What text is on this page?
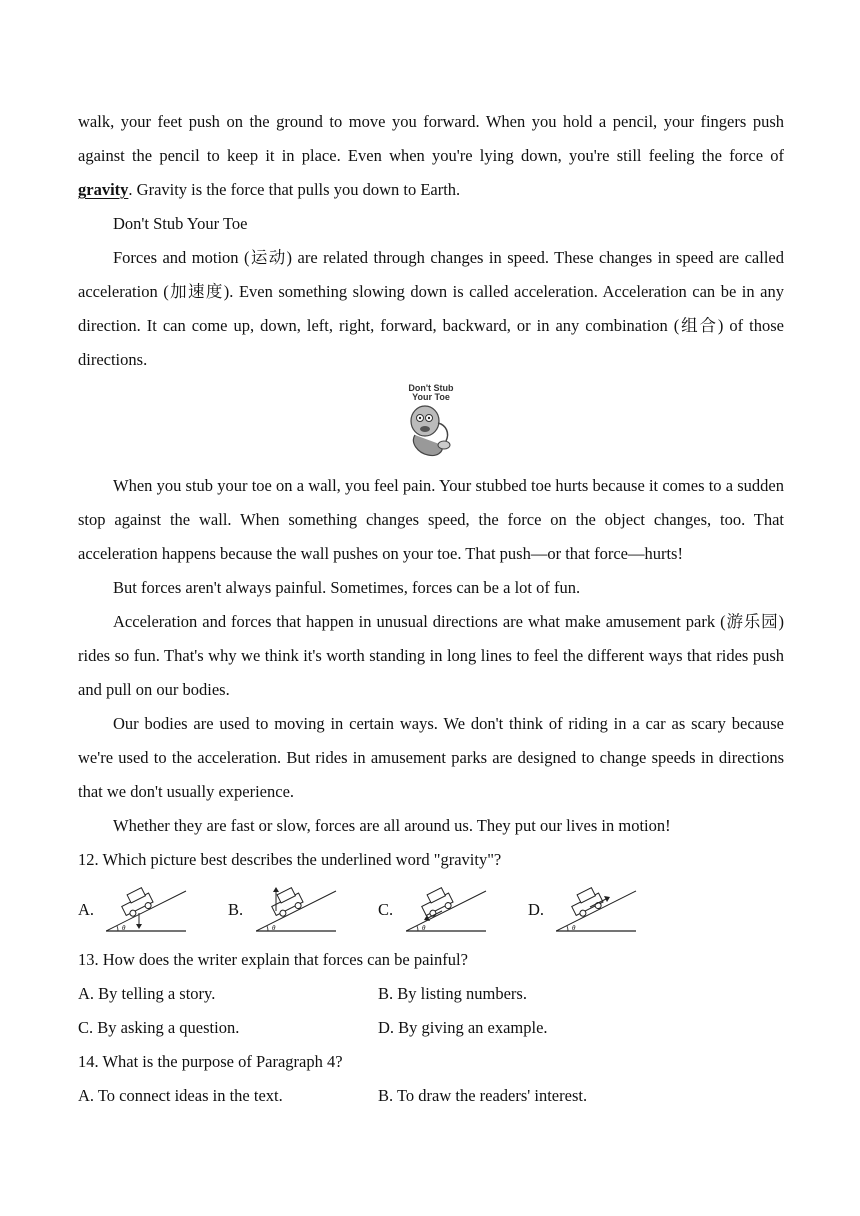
walk, your feet push on the ground to move you forward. When you hold a pencil, your fingers push against the pencil to keep it in place. Even when you're lying down, you're still feeling the force of gravity. Gravity is the force that pulls you down to Earth.

Don't Stub Your Toe

Forces and motion (运动) are related through changes in speed. These changes in speed are called acceleration (加速度). Even something slowing down is called acceleration. Acceleration can be in any direction. It can come up, down, left, right, forward, backward, or in any combination (组合) of those directions.

Don't Stub
Your Toe

When you stub your toe on a wall, you feel pain. Your stubbed toe hurts because it comes to a sudden stop against the wall. When something changes speed, the force on the object changes, too. That acceleration happens because the wall pushes on your toe. That push—or that force—hurts!

But forces aren't always painful. Sometimes, forces can be a lot of fun.

Acceleration and forces that happen in unusual directions are what make amusement park (游乐园) rides so fun. That's why we think it's worth standing in long lines to feel the different ways that rides push and pull on our bodies.

Our bodies are used to moving in certain ways. We don't think of riding in a car as scary because we're used to the acceleration. But rides in amusement parks are designed to change speeds in directions that we don't usually experience.

Whether they are fast or slow, forces are all around us. They put our lives in motion!

12. Which picture best describes the underlined word "gravity"?

A.
θ
B.
θ
C.
θ
D.
θ

13. How does the writer explain that forces can be painful?

A. By telling a story.	B. By listing numbers.
C. By asking a question.	D. By giving an example.

14. What is the purpose of Paragraph 4?

A. To connect ideas in the text.	B. To draw the readers' interest.
